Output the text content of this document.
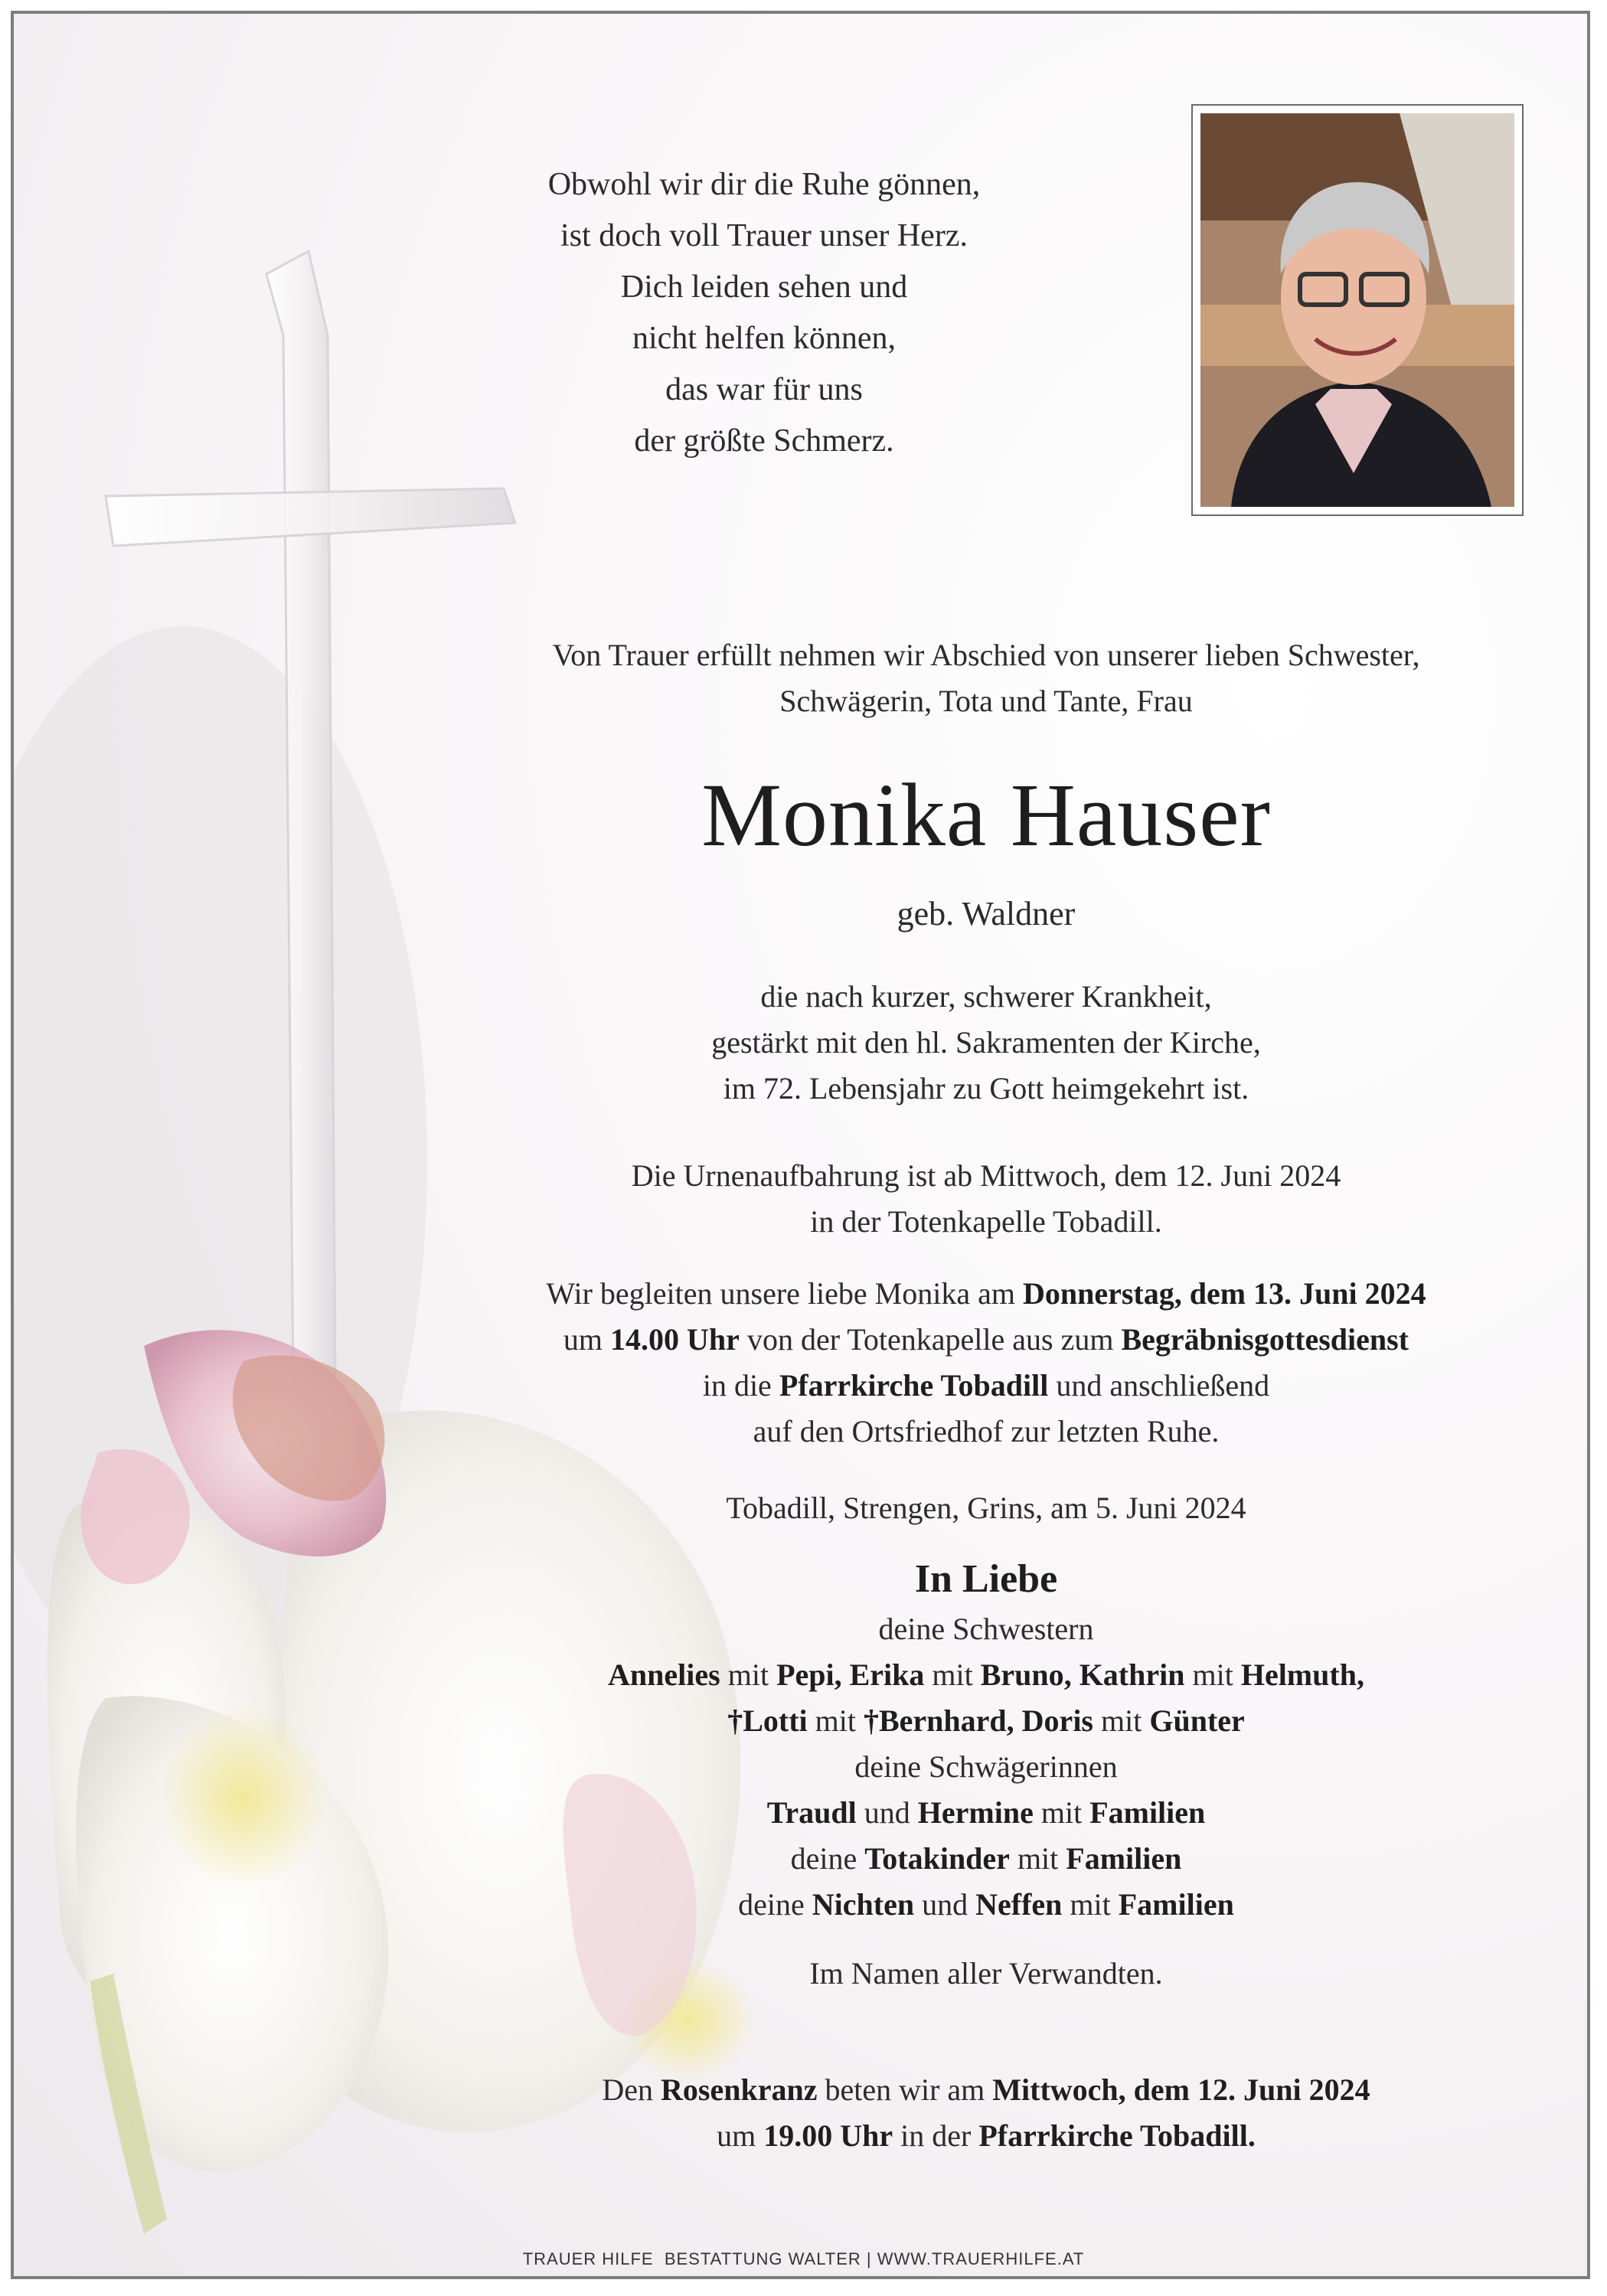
Obwohl wir dir die Ruhe gönnen,
ist doch voll Trauer unser Herz.
Dich leiden sehen und
nicht helfen können,
das war für uns
der größte Schmerz.
Von Trauer erfüllt nehmen wir Abschied von unserer lieben Schwester,
Schwägerin, Tota und Tante, Frau
Monika Hauser
geb. Waldner
die nach kurzer, schwerer Krankheit,
gestärkt mit den hl. Sakramenten der Kirche,
im 72. Lebensjahr zu Gott heimgekehrt ist.
Die Urnenaufbahrung ist ab Mittwoch, dem 12. Juni 2024
in der Totenkapelle Tobadill.
Wir begleiten unsere liebe Monika am Donnerstag, dem 13. Juni 2024
um 14.00 Uhr von der Totenkapelle aus zum Begräbnisgottesdienst
in die Pfarrkirche Tobadill und anschließend
auf den Ortsfriedhof zur letzten Ruhe.
Tobadill, Strengen, Grins, am 5. Juni 2024
In Liebe
deine Schwestern
Annelies mit Pepi, Erika mit Bruno, Kathrin mit Helmuth,
†Lotti mit †Bernhard, Doris mit Günter
deine Schwägerinnen
Traudl und Hermine mit Familien
deine Totakinder mit Familien
deine Nichten und Neffen mit Familien
Im Namen aller Verwandten.
Den Rosenkranz beten wir am Mittwoch, dem 12. Juni 2024
um 19.00 Uhr in der Pfarrkirche Tobadill.
TRAUER HILFE  BESTATTUNG WALTER | WWW.TRAUERHILFE.AT
